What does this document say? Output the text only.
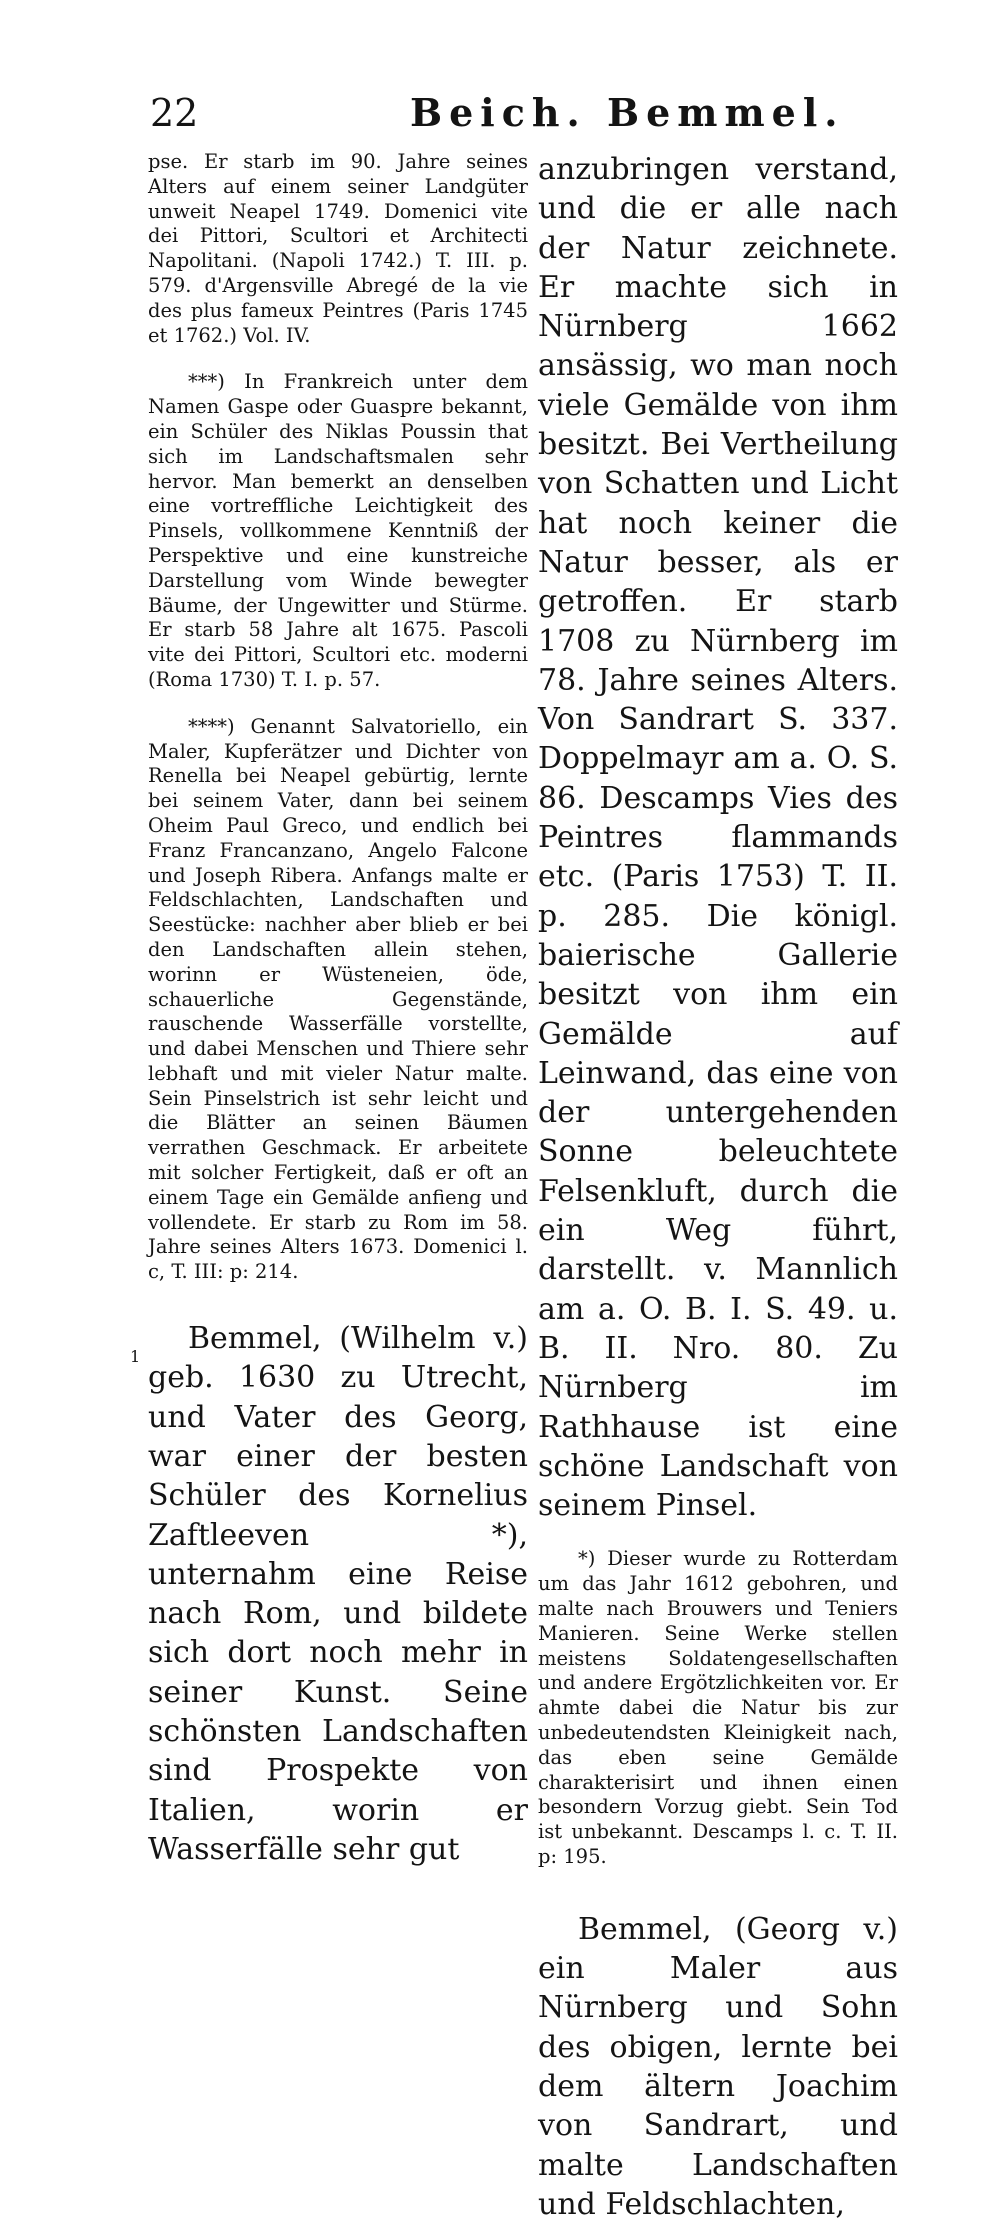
22	Beich. Bemmel.

pse. Er starb im 90. Jahre seines Alters auf einem seiner Landgüter unweit Neapel 1749. Domenici vite dei Pittori, Scultori et Architecti Napolitani. (Napoli 1742.) T. III. p. 579. d'Argensville Abregé de la vie des plus fameux Peintres (Paris 1745 et 1762.) Vol. IV.

***) In Frankreich unter dem Namen Gaspe oder Guaspre bekannt, ein Schüler des Niklas Poussin that sich im Landschaftsmalen sehr hervor. Man bemerkt an denselben eine vortreffliche Leichtigkeit des Pinsels, vollkommene Kenntniß der Perspektive und eine kunstreiche Darstellung vom Winde bewegter Bäume, der Ungewitter und Stürme. Er starb 58 Jahre alt 1675. Pascoli vite dei Pittori, Scultori etc. moderni (Roma 1730) T. I. p. 57.

****) Genannt Salvatoriello, ein Maler, Kupferätzer und Dichter von Renella bei Neapel gebürtig, lernte bei seinem Vater, dann bei seinem Oheim Paul Greco, und endlich bei Franz Francanzano, Angelo Falcone und Joseph Ribera. Anfangs malte er Feldschlachten, Landschaften und Seestücke: nachher aber blieb er bei den Landschaften allein stehen, worinn er Wüsteneien, öde, schauerliche Gegenstände, rauschende Wasserfälle vorstellte, und dabei Menschen und Thiere sehr lebhaft und mit vieler Natur malte. Sein Pinselstrich ist sehr leicht und die Blätter an seinen Bäumen verrathen Geschmack. Er arbeitete mit solcher Fertigkeit, daß er oft an einem Tage ein Gemälde anfieng und vollendete. Er starb zu Rom im 58. Jahre seines Alters 1673. Domenici l. c, T. III: p: 214.

Bemmel, (Wilhelm v.) geb. 1630 zu Utrecht, und Vater des Georg, war einer der besten Schüler des Kornelius Zaftleeven *), unternahm eine Reise nach Rom, und bildete sich dort noch mehr in seiner Kunst. Seine schönsten Landschaften sind Prospekte von Italien, worin er Wasserfälle sehr gut

1

anzubringen verstand, und die er alle nach der Natur zeichnete. Er machte sich in Nürnberg 1662 ansässig, wo man noch viele Gemälde von ihm besitzt. Bei Vertheilung von Schatten und Licht hat noch keiner die Natur besser, als er getroffen. Er starb 1708 zu Nürnberg im 78. Jahre seines Alters. Von Sandrart S. 337. Doppelmayr am a. O. S. 86. Descamps Vies des Peintres flammands etc. (Paris 1753) T. II. p. 285. Die königl. baierische Gallerie besitzt von ihm ein Gemälde auf Leinwand, das eine von der untergehenden Sonne beleuchtete Felsenkluft, durch die ein Weg führt, darstellt. v. Mannlich am a. O. B. I. S. 49. u. B. II. Nro. 80. Zu Nürnberg im Rathhause ist eine schöne Landschaft von seinem Pinsel.

*) Dieser wurde zu Rotterdam um das Jahr 1612 gebohren, und malte nach Brouwers und Teniers Manieren. Seine Werke stellen meistens Soldatengesellschaften und andere Ergötzlichkeiten vor. Er ahmte dabei die Natur bis zur unbedeutendsten Kleinigkeit nach, das eben seine Gemälde charakterisirt und ihnen einen besondern Vorzug giebt. Sein Tod ist unbekannt. Descamps l. c. T. II. p: 195.

Bemmel, (Georg v.) ein Maler aus Nürnberg und Sohn des obigen, lernte bei dem ältern Joachim von Sandrart, und malte Landschaften und Feldschlachten,
